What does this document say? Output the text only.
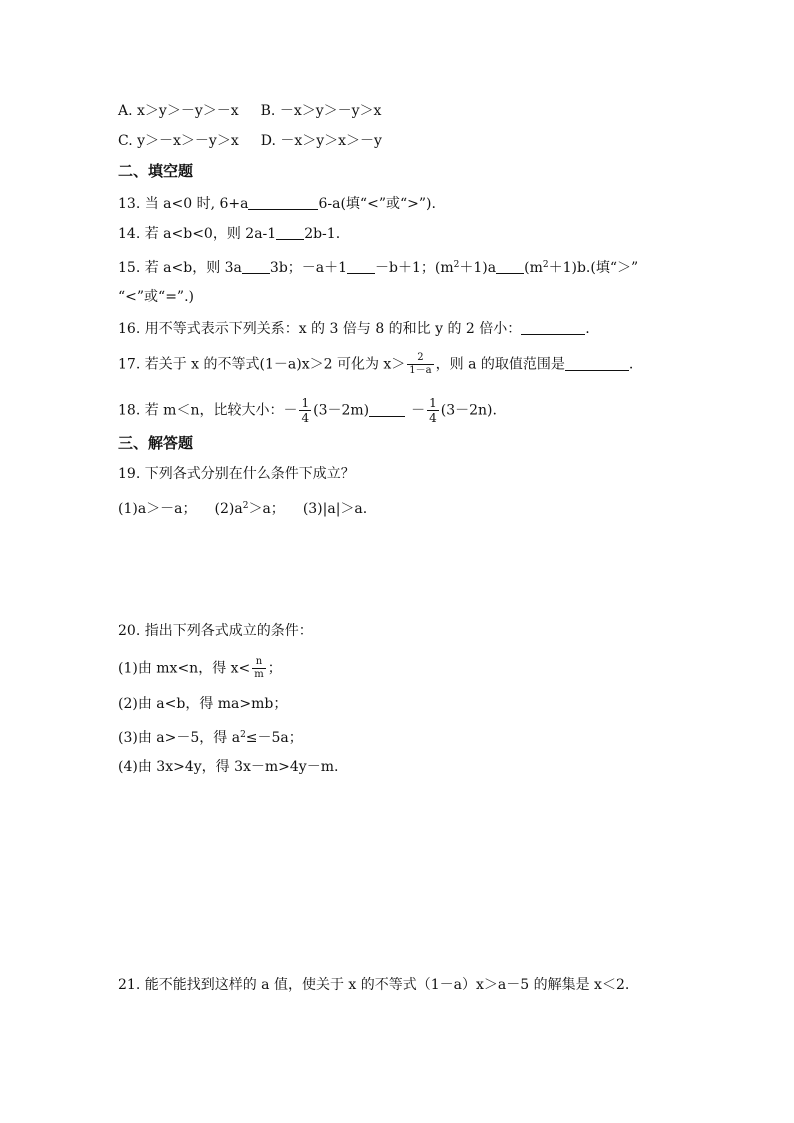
A. x＞y＞－y＞－x B. －x＞y＞－y＞x
C. y＞－x＞－y＞x D. －x＞y＞x＞－y
二、填空题
13. 当 a<0 时, 6+a	6-a(填“<”或“>”).
14. 若 a<b<0，则 2a-1 2b-1.
15. 若 a<b，则 3a 3b；－a＋1 －b＋1；$(m^2+1)a$ $(m^2+1)b$.(填“＞”
“<”或“=”.)
16. 用不等式表示下列关系：x 的 3 倍与 8 的和比 y 的 2 倍小：	.
17. 若关于 x 的不等式(1－a)x＞2 可化为 $x> \frac{2}{1-a}$ ，则 a 的取值范围是	.
18. 若 m＜n，比较大小：－ $\frac{1}{4} (3-2m)$	－ $\frac{1}{4} (3-2n)$.
三、解答题
19. 下列各式分别在什么条件下成立？
(1)a＞－a； $(2)a^2>a$； (3)|a|＞a.
20. 指出下列各式成立的条件：
(1)由 mx<n，得 $x< \frac{n}{m}$ ；
(2)由 a<b，得 ma>mb；
(3)由 a>－5，得 $a^2\le-5a$；
(4)由 3x>4y，得 3x－m>4y－m.
21. 能不能找到这样的 a 值，使关于 x 的不等式（1－a）x＞a－5 的解集是 x＜2.
